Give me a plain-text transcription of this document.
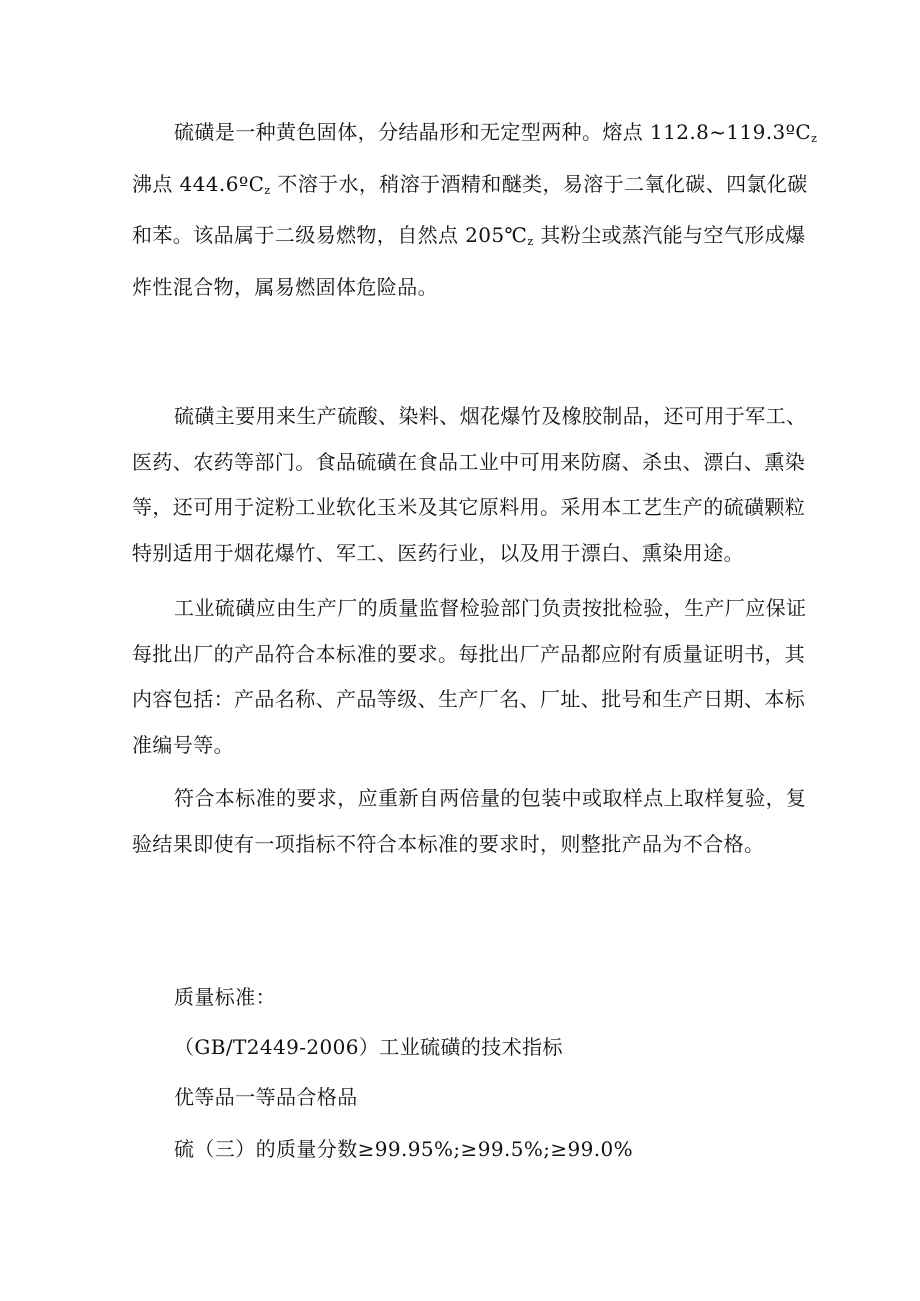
硫磺是一种黄色固体，分结晶形和无定型两种。熔点 112.8~119.3ºC$_z$
沸点 444.6ºC$_z$ 不溶于水，稍溶于酒精和醚类，易溶于二氧化碳、四氯化碳
和苯。该品属于二级易燃物，自然点 $205℃_z$ 其粉尘或蒸汽能与空气形成爆
炸性混合物，属易燃固体危险品。
硫磺主要用来生产硫酸、染料、烟花爆竹及橡胶制品，还可用于军工、
医药、农药等部门。食品硫磺在食品工业中可用来防腐、杀虫、漂白、熏染
等，还可用于淀粉工业软化玉米及其它原料用。采用本工艺生产的硫磺颗粒
特别适用于烟花爆竹、军工、医药行业，以及用于漂白、熏染用途。
工业硫磺应由生产厂的质量监督检验部门负责按批检验，生产厂应保证
每批出厂的产品符合本标准的要求。每批出厂产品都应附有质量证明书，其
内容包括：产品名称、产品等级、生产厂名、厂址、批号和生产日期、本标
准编号等。
符合本标准的要求，应重新自两倍量的包装中或取样点上取样复验，复
验结果即使有一项指标不符合本标准的要求时，则整批产品为不合格。
质量标准：
（GB/T2449-2006）工业硫磺的技术指标
优等品一等品合格品
硫（三）的质量分数≥99.95%;≥99.5%;≥99.0%
